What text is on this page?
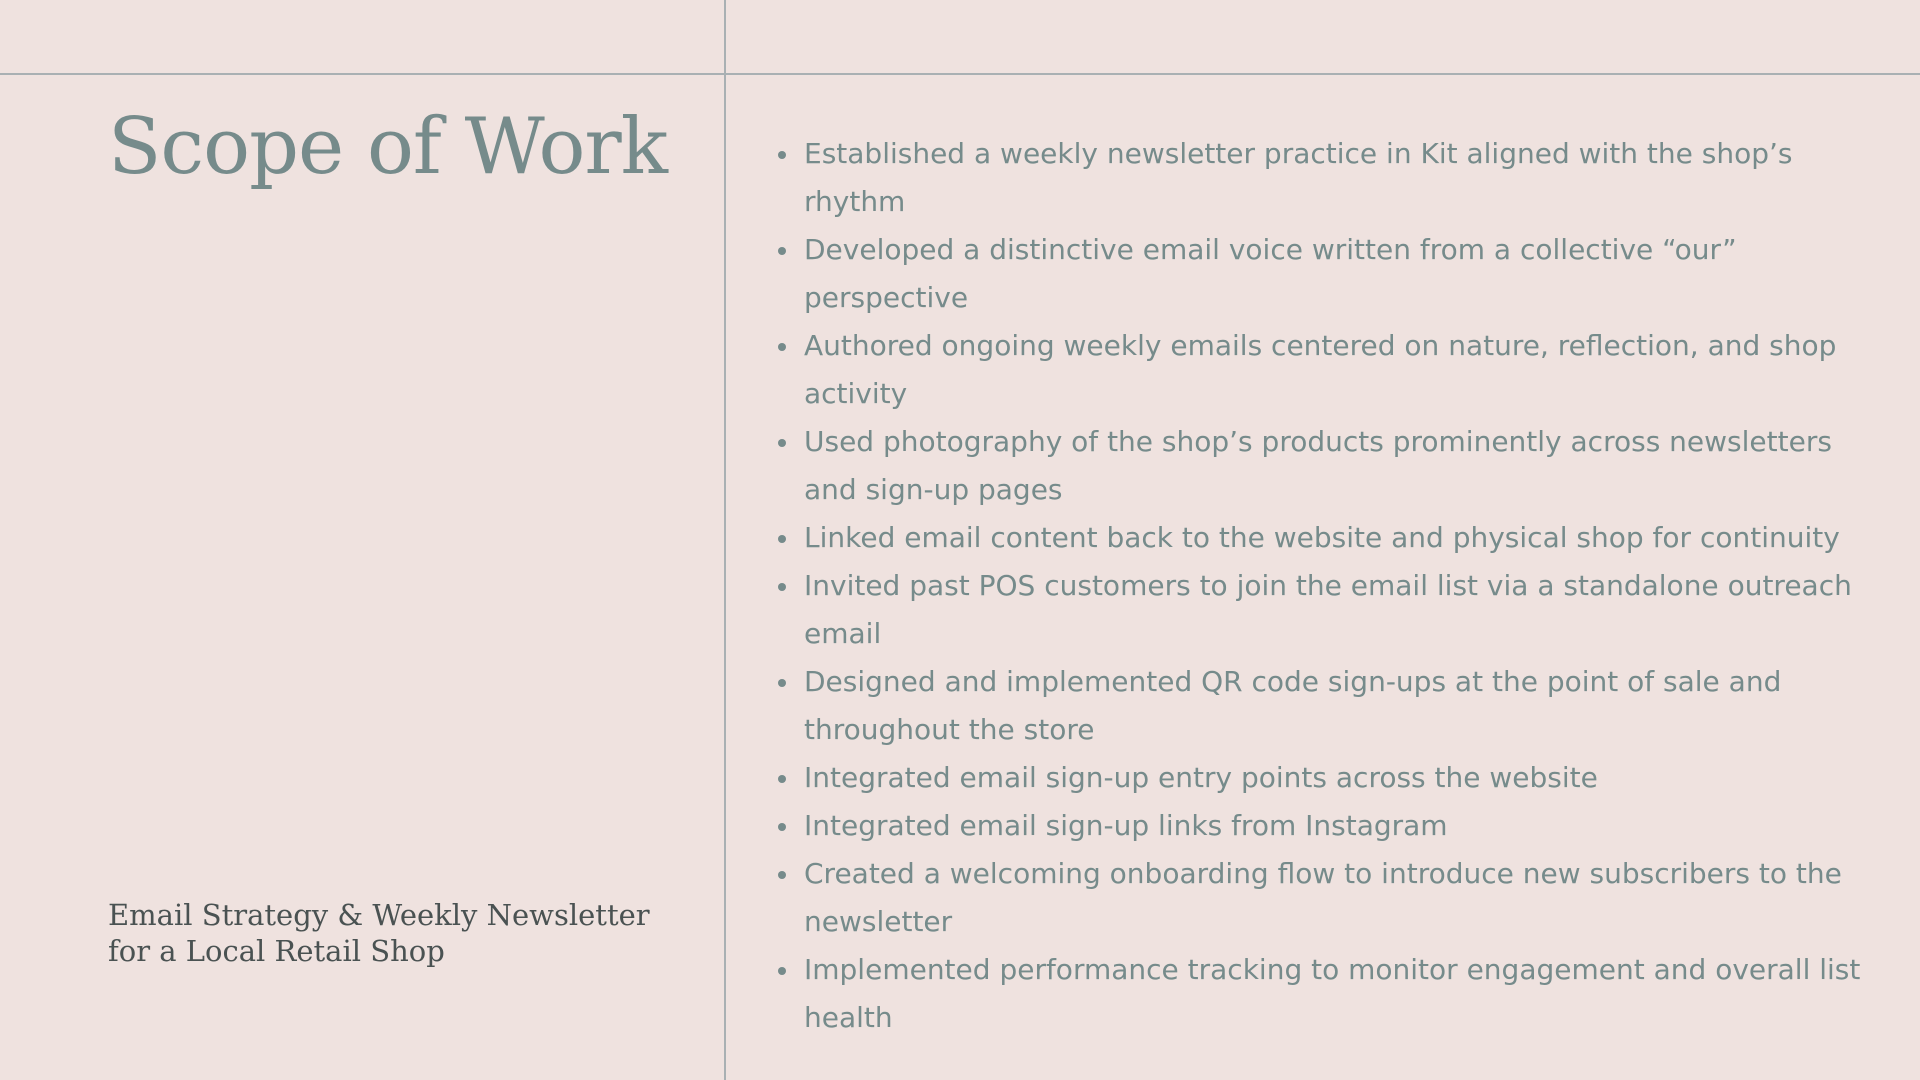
Scope of Work
Email Strategy & Weekly Newsletter
for a Local Retail Shop
Established a weekly newsletter practice in Kit aligned with the shop’s rhythm
Developed a distinctive email voice written from a collective “our” perspective
Authored ongoing weekly emails centered on nature, reflection, and shop activity
Used photography of the shop’s products prominently across newsletters and sign-up pages
Linked email content back to the website and physical shop for continuity
Invited past POS customers to join the email list via a standalone outreach email
Designed and implemented QR code sign-ups at the point of sale and throughout the store
Integrated email sign-up entry points across the website
Integrated email sign-up links from Instagram
Created a welcoming onboarding flow to introduce new subscribers to the newsletter
Implemented performance tracking to monitor engagement and overall list health
